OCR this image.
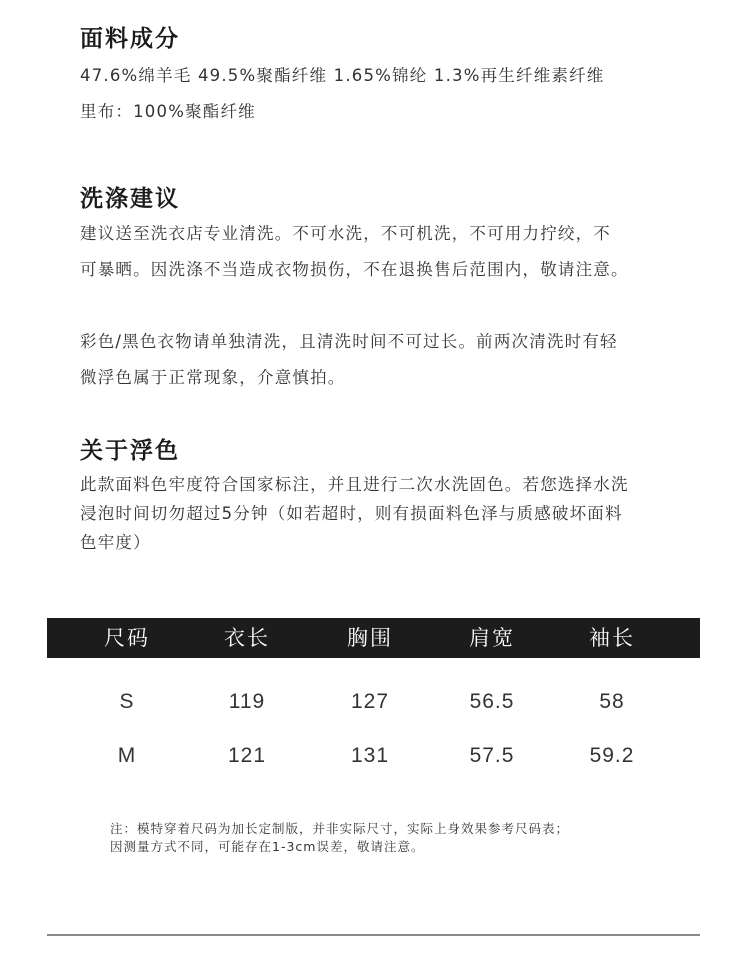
面料成分
47.6%绵羊毛 49.5%聚酯纤维 1.65%锦纶 1.3%再生纤维素纤维
里布：100%聚酯纤维
洗涤建议
建议送至洗衣店专业清洗。不可水洗，不可机洗，不可用力拧绞，不
可暴晒。因洗涤不当造成衣物损伤，不在退换售后范围内，敬请注意。
彩色/黑色衣物请单独清洗，且清洗时间不可过长。前两次清洗时有轻
微浮色属于正常现象，介意慎拍。
关于浮色
此款面料色牢度符合国家标注，并且进行二次水洗固色。若您选择水洗
浸泡时间切勿超过5分钟（如若超时，则有损面料色泽与质感破坏面料
色牢度）
尺码	衣长	胸围	肩宽	袖长
S	119	127	56.5	58
M	121	131	57.5	59.2
注：模特穿着尺码为加长定制版，并非实际尺寸，实际上身效果参考尺码表；
因测量方式不同，可能存在1-3cm误差，敬请注意。
